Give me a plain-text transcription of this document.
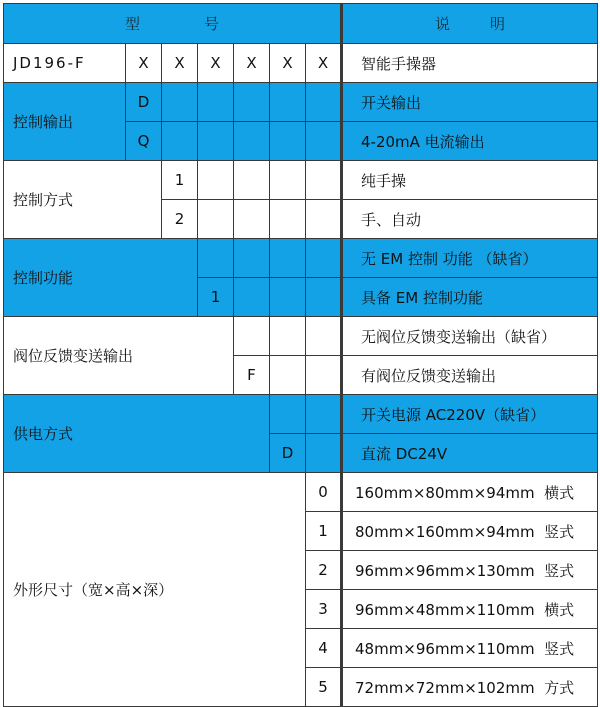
型 号							说 明
JD196-F	X	X	X	X	X	X	智能手操器
控制输出	D						开关输出
	Q						4-20mA 电流输出
控制方式		1					纯手操
		2					手、自动
控制功能							无 EM 控制 功能 （缺省）
			1				具备 EM 控制功能
阀位反馈变送输出							无阀位反馈变送输出（缺省）
				F			有阀位反馈变送输出
供电方式							开关电源 AC220V（缺省）
					D		直流 DC24V
外形尺寸（宽×高×深）						0	160mm×80mm×94mm 横式
						1	80mm×160mm×94mm 竖式
						2	96mm×96mm×130mm 竖式
						3	96mm×48mm×110mm 横式
						4	48mm×96mm×110mm 竖式
						5	72mm×72mm×102mm 方式
